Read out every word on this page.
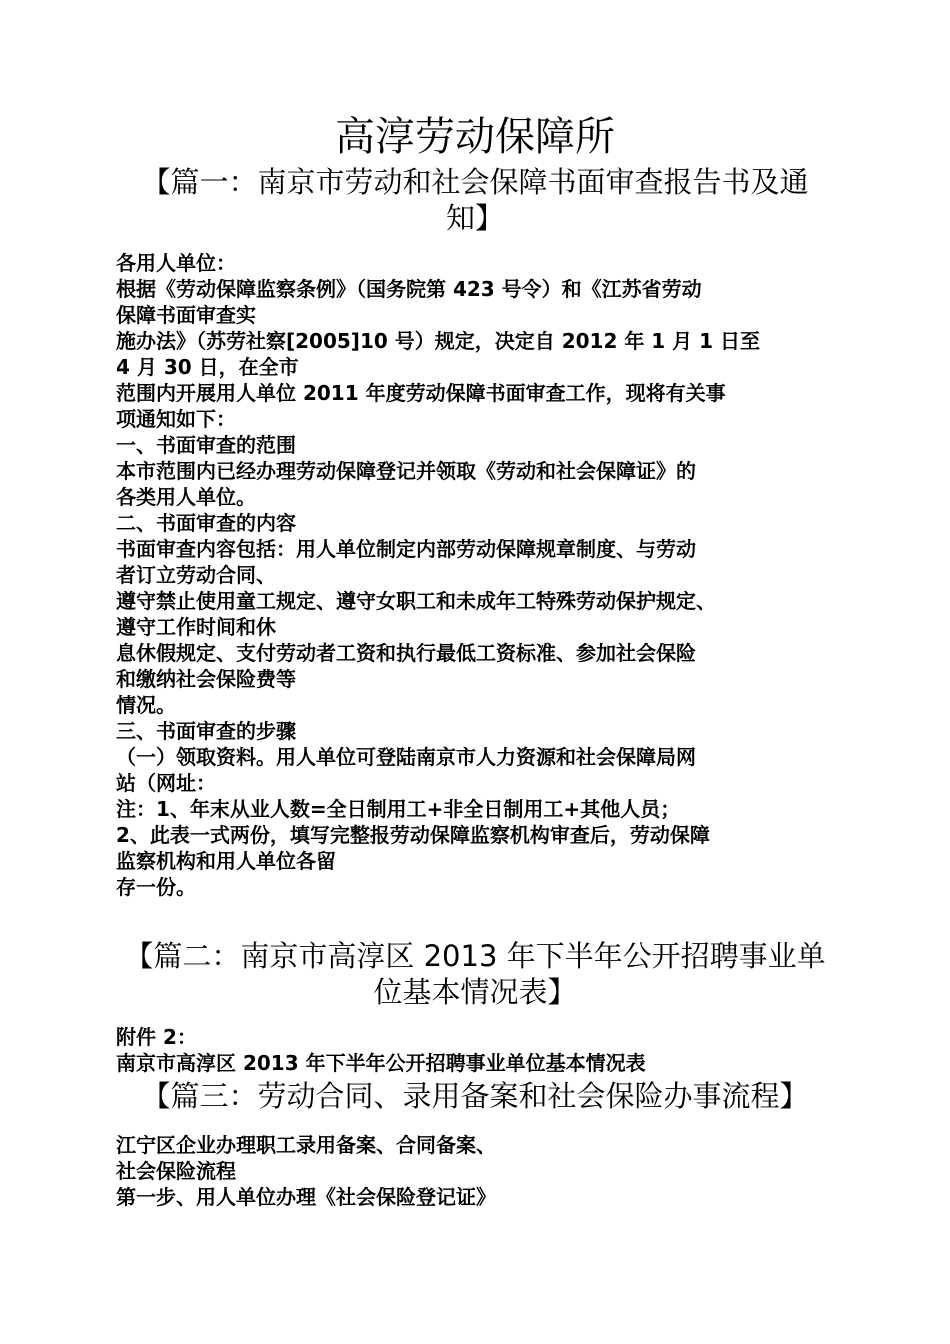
高淳劳动保障所
【篇一：南京市劳动和社会保障书面审查报告书及通
知】

各用人单位：

根据《劳动保障监察条例》（国务院第 423 号令）和《江苏省劳动

保障书面审查实

施办法》（苏劳社察[2005]10 号）规定，决定自 2012 年 1 月 1 日至

4 月 30 日，在全市

范围内开展用人单位 2011 年度劳动保障书面审查工作，现将有关事

项通知如下：

一、书面审查的范围

本市范围内已经办理劳动保障登记并领取《劳动和社会保障证》的

各类用人单位。

二、书面审查的内容

书面审查内容包括：用人单位制定内部劳动保障规章制度、与劳动

者订立劳动合同、

遵守禁止使用童工规定、遵守女职工和未成年工特殊劳动保护规定、

遵守工作时间和休

息休假规定、支付劳动者工资和执行最低工资标准、参加社会保险

和缴纳社会保险费等

情况。

三、书面审查的步骤

（一）领取资料。用人单位可登陆南京市人力资源和社会保障局网

站（网址：

注：1、年末从业人数=全日制用工+非全日制用工+其他人员；

2、此表一式两份，填写完整报劳动保障监察机构审查后，劳动保障

监察机构和用人单位各留

存一份。

【篇二：南京市高淳区 2013 年下半年公开招聘事业单
位基本情况表】

附件 2：

南京市高淳区 2013 年下半年公开招聘事业单位基本情况表

【篇三：劳动合同、录用备案和社会保险办事流程】

江宁区企业办理职工录用备案、合同备案、

社会保险流程

第一步、用人单位办理《社会保险登记证》
